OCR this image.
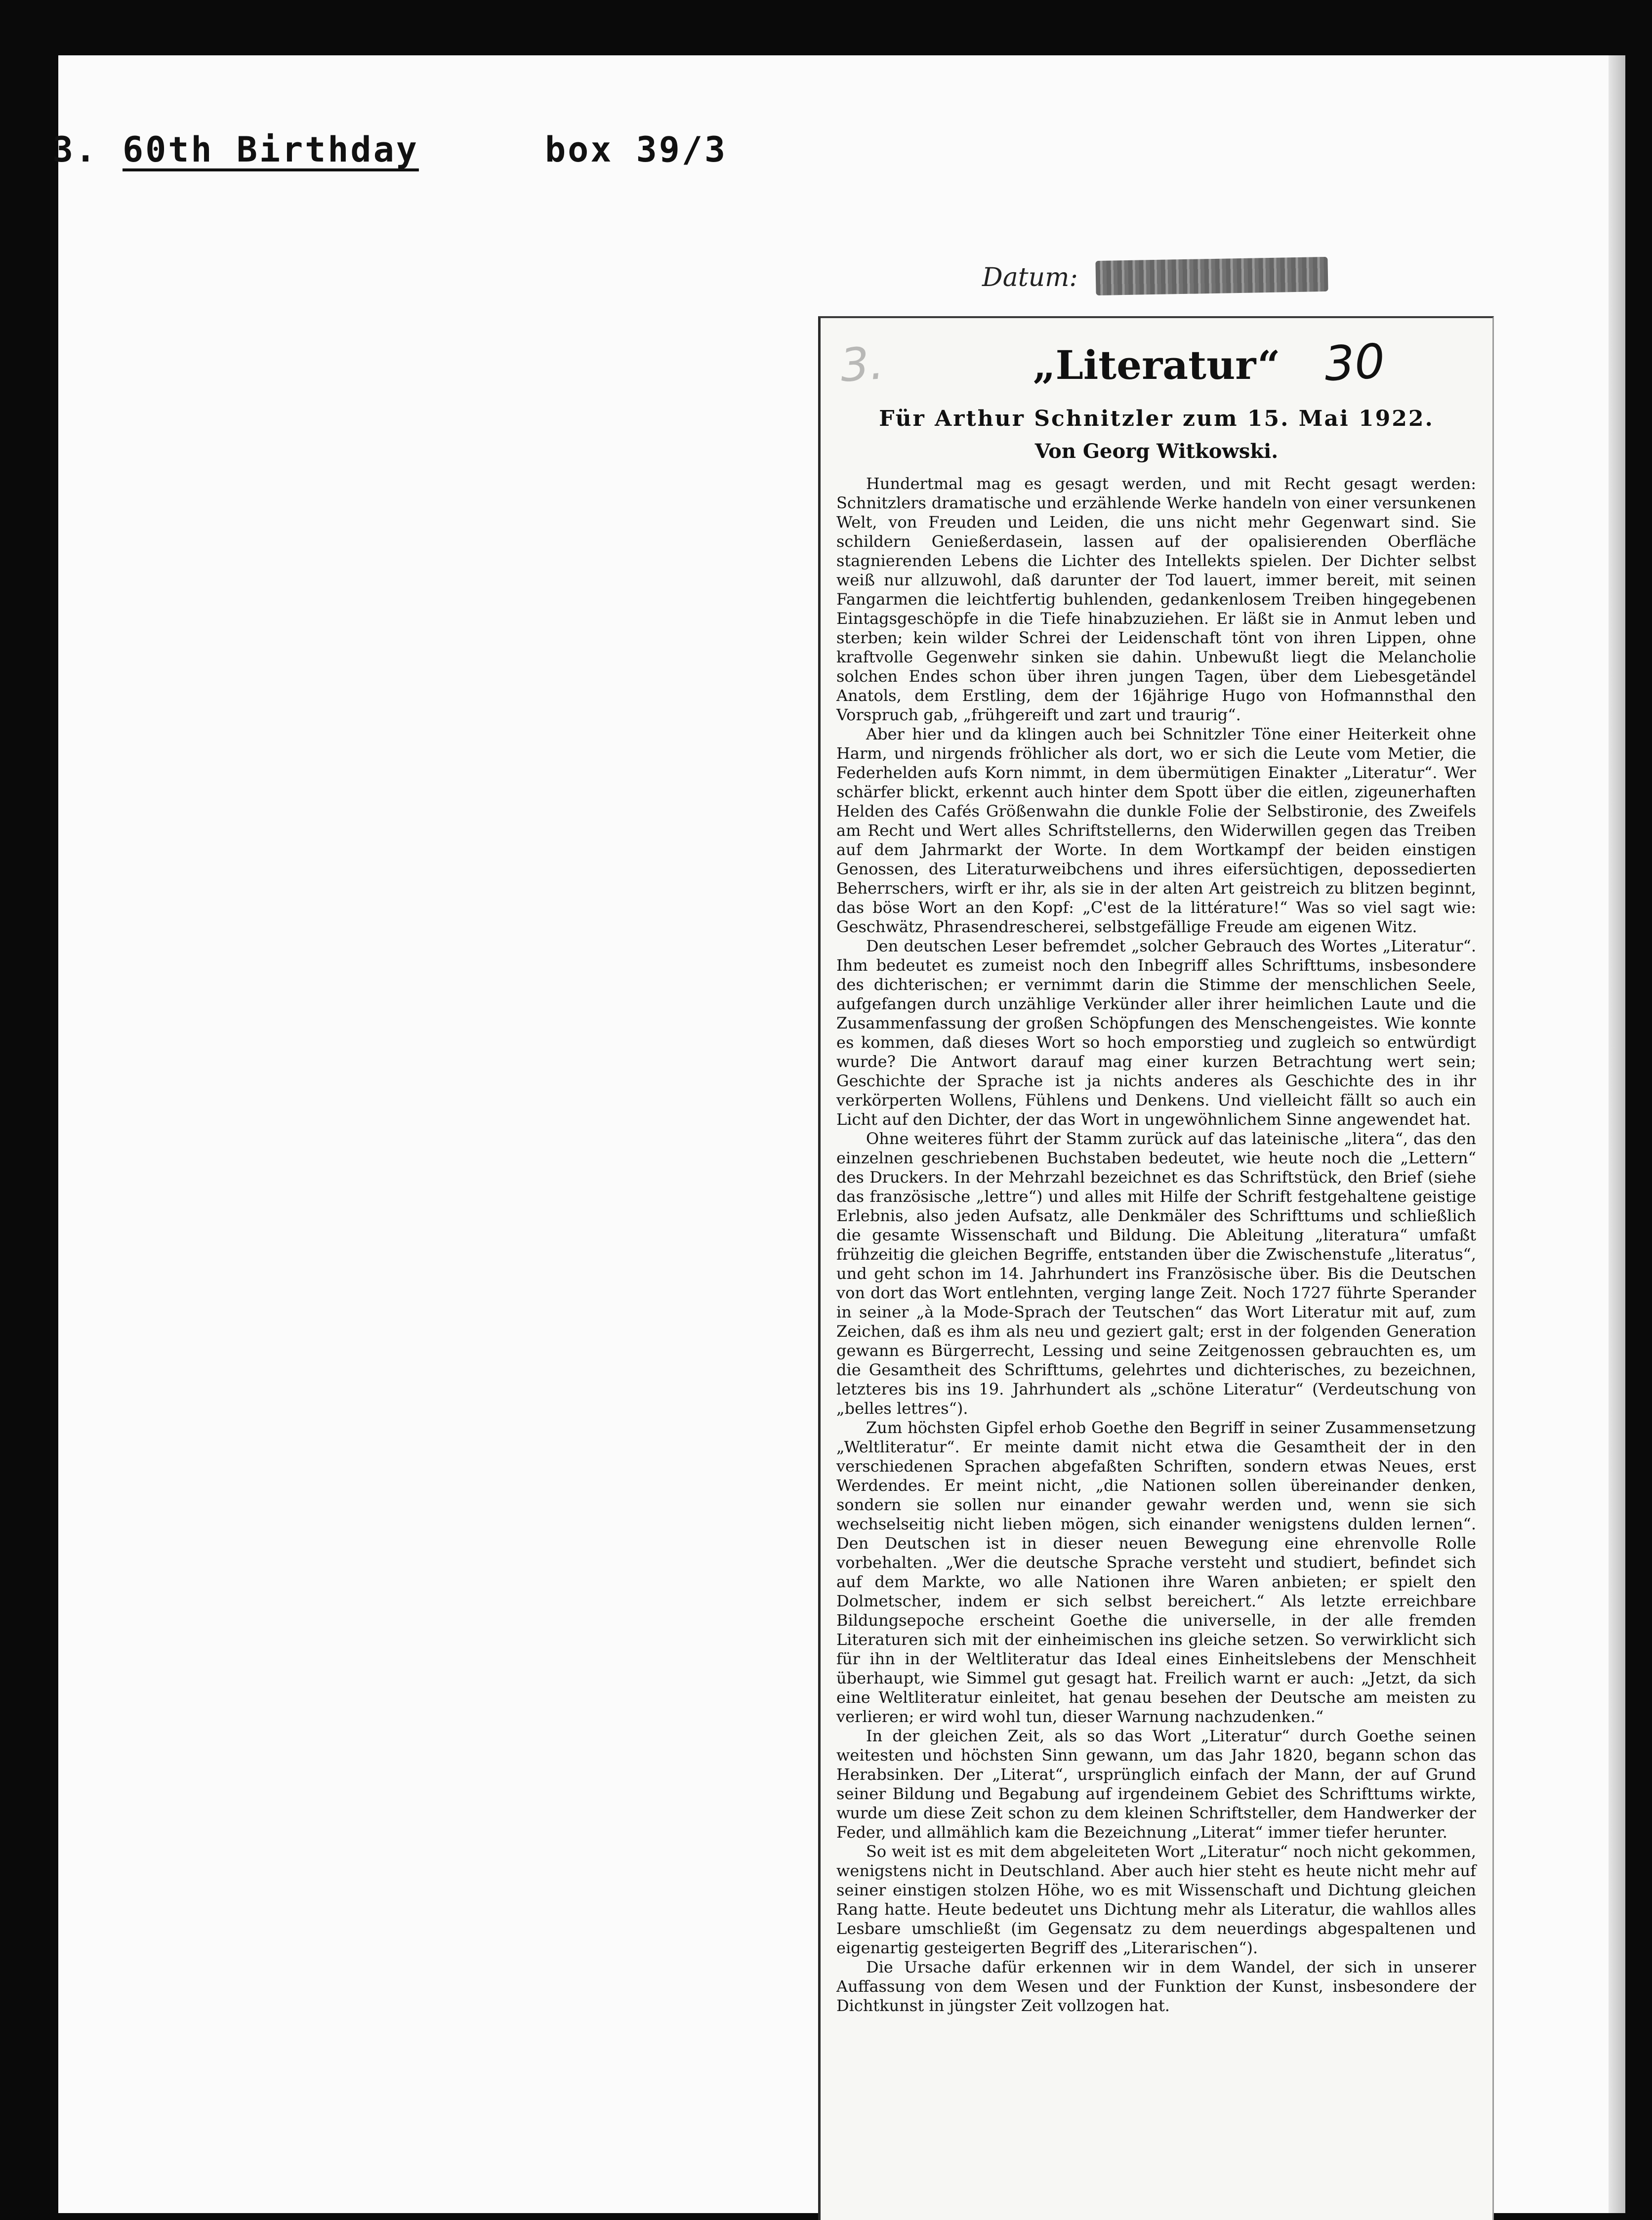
3. 60th Birthday	box 39/3
Datum:
3.	30
„Literatur“
Für Arthur Schnitzler zum 15. Mai 1922.
Von Georg Witkowski.

Hundertmal mag es gesagt werden, und mit Recht gesagt werden: Schnitzlers dramatische und erzählende Werke handeln von einer versunkenen Welt, von Freuden und Leiden, die uns nicht mehr Gegenwart sind. Sie schildern Genießerdasein, lassen auf der opalisierenden Oberfläche stagnierenden Lebens die Lichter des Intellekts spielen. Der Dichter selbst weiß nur allzuwohl, daß darunter der Tod lauert, immer bereit, mit seinen Fangarmen die leichtfertig buhlenden, gedankenlosem Treiben hingegebenen Eintagsgeschöpfe in die Tiefe hinabzuziehen. Er läßt sie in Anmut leben und sterben; kein wilder Schrei der Leidenschaft tönt von ihren Lippen, ohne kraftvolle Gegenwehr sinken sie dahin. Unbewußt liegt die Melancholie solchen Endes schon über ihren jungen Tagen, über dem Liebesgetändel Anatols, dem Erstling, dem der 16jährige Hugo von Hofmannsthal den Vorspruch gab, „frühgereift und zart und traurig“.

Aber hier und da klingen auch bei Schnitzler Töne einer Heiterkeit ohne Harm, und nirgends fröhlicher als dort, wo er sich die Leute vom Metier, die Federhelden aufs Korn nimmt, in dem übermütigen Einakter „Literatur“. Wer schärfer blickt, erkennt auch hinter dem Spott über die eitlen, zigeunerhaften Helden des Cafés Größenwahn die dunkle Folie der Selbstironie, des Zweifels am Recht und Wert alles Schriftstellerns, den Widerwillen gegen das Treiben auf dem Jahrmarkt der Worte. In dem Wortkampf der beiden einstigen Genossen, des Literaturweibchens und ihres eifersüchtigen, depossedierten Beherrschers, wirft er ihr, als sie in der alten Art geistreich zu blitzen beginnt, das böse Wort an den Kopf: „C'est de la littérature!“ Was so viel sagt wie: Geschwätz, Phrasendrescherei, selbstgefällige Freude am eigenen Witz.

Den deutschen Leser befremdet „solcher Gebrauch des Wortes „Literatur“. Ihm bedeutet es zumeist noch den Inbegriff alles Schrifttums, insbesondere des dichterischen; er vernimmt darin die Stimme der menschlichen Seele, aufgefangen durch unzählige Verkünder aller ihrer heimlichen Laute und die Zusammenfassung der großen Schöpfungen des Menschengeistes. Wie konnte es kommen, daß dieses Wort so hoch emporstieg und zugleich so entwürdigt wurde? Die Antwort darauf mag einer kurzen Betrachtung wert sein; Geschichte der Sprache ist ja nichts anderes als Geschichte des in ihr verkörperten Wollens, Fühlens und Denkens. Und vielleicht fällt so auch ein Licht auf den Dichter, der das Wort in ungewöhnlichem Sinne angewendet hat.

Ohne weiteres führt der Stamm zurück auf das lateinische „litera“, das den einzelnen geschriebenen Buchstaben bedeutet, wie heute noch die „Lettern“ des Druckers. In der Mehrzahl bezeichnet es das Schriftstück, den Brief (siehe das französische „lettre“) und alles mit Hilfe der Schrift festgehaltene geistige Erlebnis, also jeden Aufsatz, alle Denkmäler des Schrifttums und schließlich die gesamte Wissenschaft und Bildung. Die Ableitung „literatura“ umfaßt frühzeitig die gleichen Begriffe, entstanden über die Zwischenstufe „literatus“, und geht schon im 14. Jahrhundert ins Französische über. Bis die Deutschen von dort das Wort entlehnten, verging lange Zeit. Noch 1727 führte Sperander in seiner „à la Mode-Sprach der Teutschen“ das Wort Literatur mit auf, zum Zeichen, daß es ihm als neu und geziert galt; erst in der folgenden Generation gewann es Bürgerrecht, Lessing und seine Zeitgenossen gebrauchten es, um die Gesamtheit des Schrifttums, gelehrtes und dichterisches, zu bezeichnen, letzteres bis ins 19. Jahrhundert als „schöne Literatur“ (Verdeutschung von „belles lettres“).

Zum höchsten Gipfel erhob Goethe den Begriff in seiner Zusammensetzung „Weltliteratur“. Er meinte damit nicht etwa die Gesamtheit der in den verschiedenen Sprachen abgefaßten Schriften, sondern etwas Neues, erst Werdendes. Er meint nicht, „die Nationen sollen übereinander denken, sondern sie sollen nur einander gewahr werden und, wenn sie sich wechselseitig nicht lieben mögen, sich einander wenigstens dulden lernen“. Den Deutschen ist in dieser neuen Bewegung eine ehrenvolle Rolle vorbehalten. „Wer die deutsche Sprache versteht und studiert, befindet sich auf dem Markte, wo alle Nationen ihre Waren anbieten; er spielt den Dolmetscher, indem er sich selbst bereichert.“ Als letzte erreichbare Bildungsepoche erscheint Goethe die universelle, in der alle fremden Literaturen sich mit der einheimischen ins gleiche setzen. So verwirklicht sich für ihn in der Weltliteratur das Ideal eines Einheitslebens der Menschheit überhaupt, wie Simmel gut gesagt hat. Freilich warnt er auch: „Jetzt, da sich eine Weltliteratur einleitet, hat genau besehen der Deutsche am meisten zu verlieren; er wird wohl tun, dieser Warnung nachzudenken.“

In der gleichen Zeit, als so das Wort „Literatur“ durch Goethe seinen weitesten und höchsten Sinn gewann, um das Jahr 1820, begann schon das Herabsinken. Der „Literat“, ursprünglich einfach der Mann, der auf Grund seiner Bildung und Begabung auf irgendeinem Gebiet des Schrifttums wirkte, wurde um diese Zeit schon zu dem kleinen Schriftsteller, dem Handwerker der Feder, und allmählich kam die Bezeichnung „Literat“ immer tiefer herunter.

So weit ist es mit dem abgeleiteten Wort „Literatur“ noch nicht gekommen, wenigstens nicht in Deutschland. Aber auch hier steht es heute nicht mehr auf seiner einstigen stolzen Höhe, wo es mit Wissenschaft und Dichtung gleichen Rang hatte. Heute bedeutet uns Dichtung mehr als Literatur, die wahllos alles Lesbare umschließt (im Gegensatz zu dem neuerdings abgespaltenen und eigenartig gesteigerten Begriff des „Literarischen“).

Die Ursache dafür erkennen wir in dem Wandel, der sich in unserer Auffassung von dem Wesen und der Funktion der Kunst, insbesondere der Dichtkunst in jüngster Zeit vollzogen hat.
